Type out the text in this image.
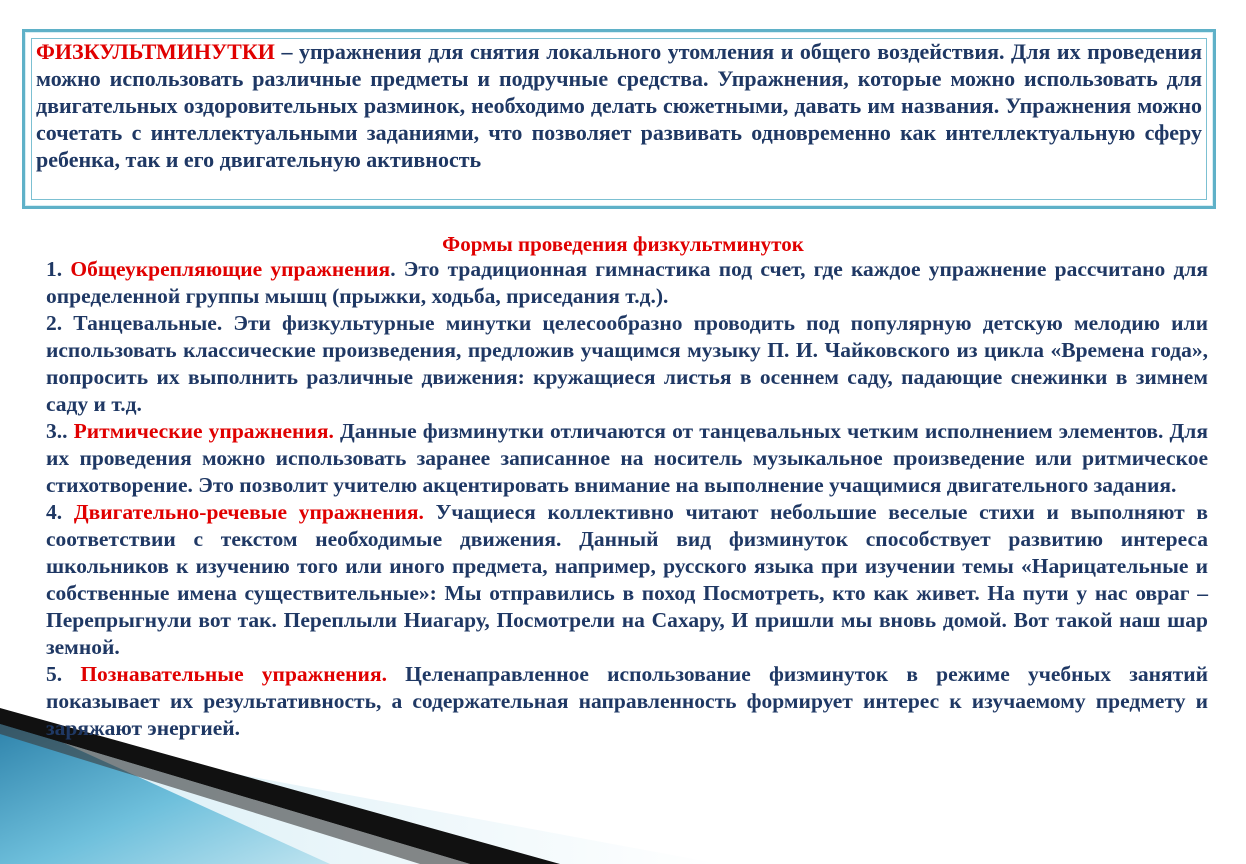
ФИЗКУЛЬТМИНУТКИ – упражнения для снятия локального утомления и общего воздействия. Для их проведения можно использовать различные предметы и подручные средства. Упражнения, которые можно использовать для двигательных оздоровительных разминок, необходимо делать сюжетными, давать им названия. Упражнения можно сочетать с интеллектуальными заданиями, что позволяет развивать одновременно как интеллектуальную сферу ребенка, так и его двигательную активность

Формы проведения физкультминуток

1. Общеукрепляющие упражнения. Это традиционная гимнастика под счет, где каждое упражнение рассчитано для определенной группы мышц (прыжки, ходьба, приседания т.д.).

2. Танцевальные. Эти физкультурные минутки целесообразно проводить под популярную детскую мелодию или использовать классические произведения, предложив учащимся музыку П. И. Чайковского из цикла «Времена года», попросить их выполнить различные движения: кружащиеся листья в осеннем саду, падающие снежинки в зимнем саду и т.д.

3.. Ритмические упражнения. Данные физминутки отличаются от танцевальных четким исполнением элементов. Для их проведения можно использовать заранее записанное на носитель музыкальное произведение или ритмическое стихотворение. Это позволит учителю акцентировать внимание на выполнение учащимися двигательного задания.

4. Двигательно-речевые упражнения. Учащиеся коллективно читают небольшие веселые стихи и выполняют в соответствии с текстом необходимые движения. Данный вид физминуток способствует развитию интереса школьников к изучению того или иного предмета, например, русского языка при изучении темы «Нарицательные и собственные имена существительные»: Мы отправились в поход Посмотреть, кто как живет. На пути у нас овраг – Перепрыгнули вот так. Переплыли Ниагару, Посмотрели на Сахару, И пришли мы вновь домой. Вот такой наш шар земной.

5. Познавательные упражнения. Целенаправленное использование физминуток в режиме учебных занятий показывает их результативность, а содержательная направленность формирует интерес к изучаемому предмету и заряжают энергией.
